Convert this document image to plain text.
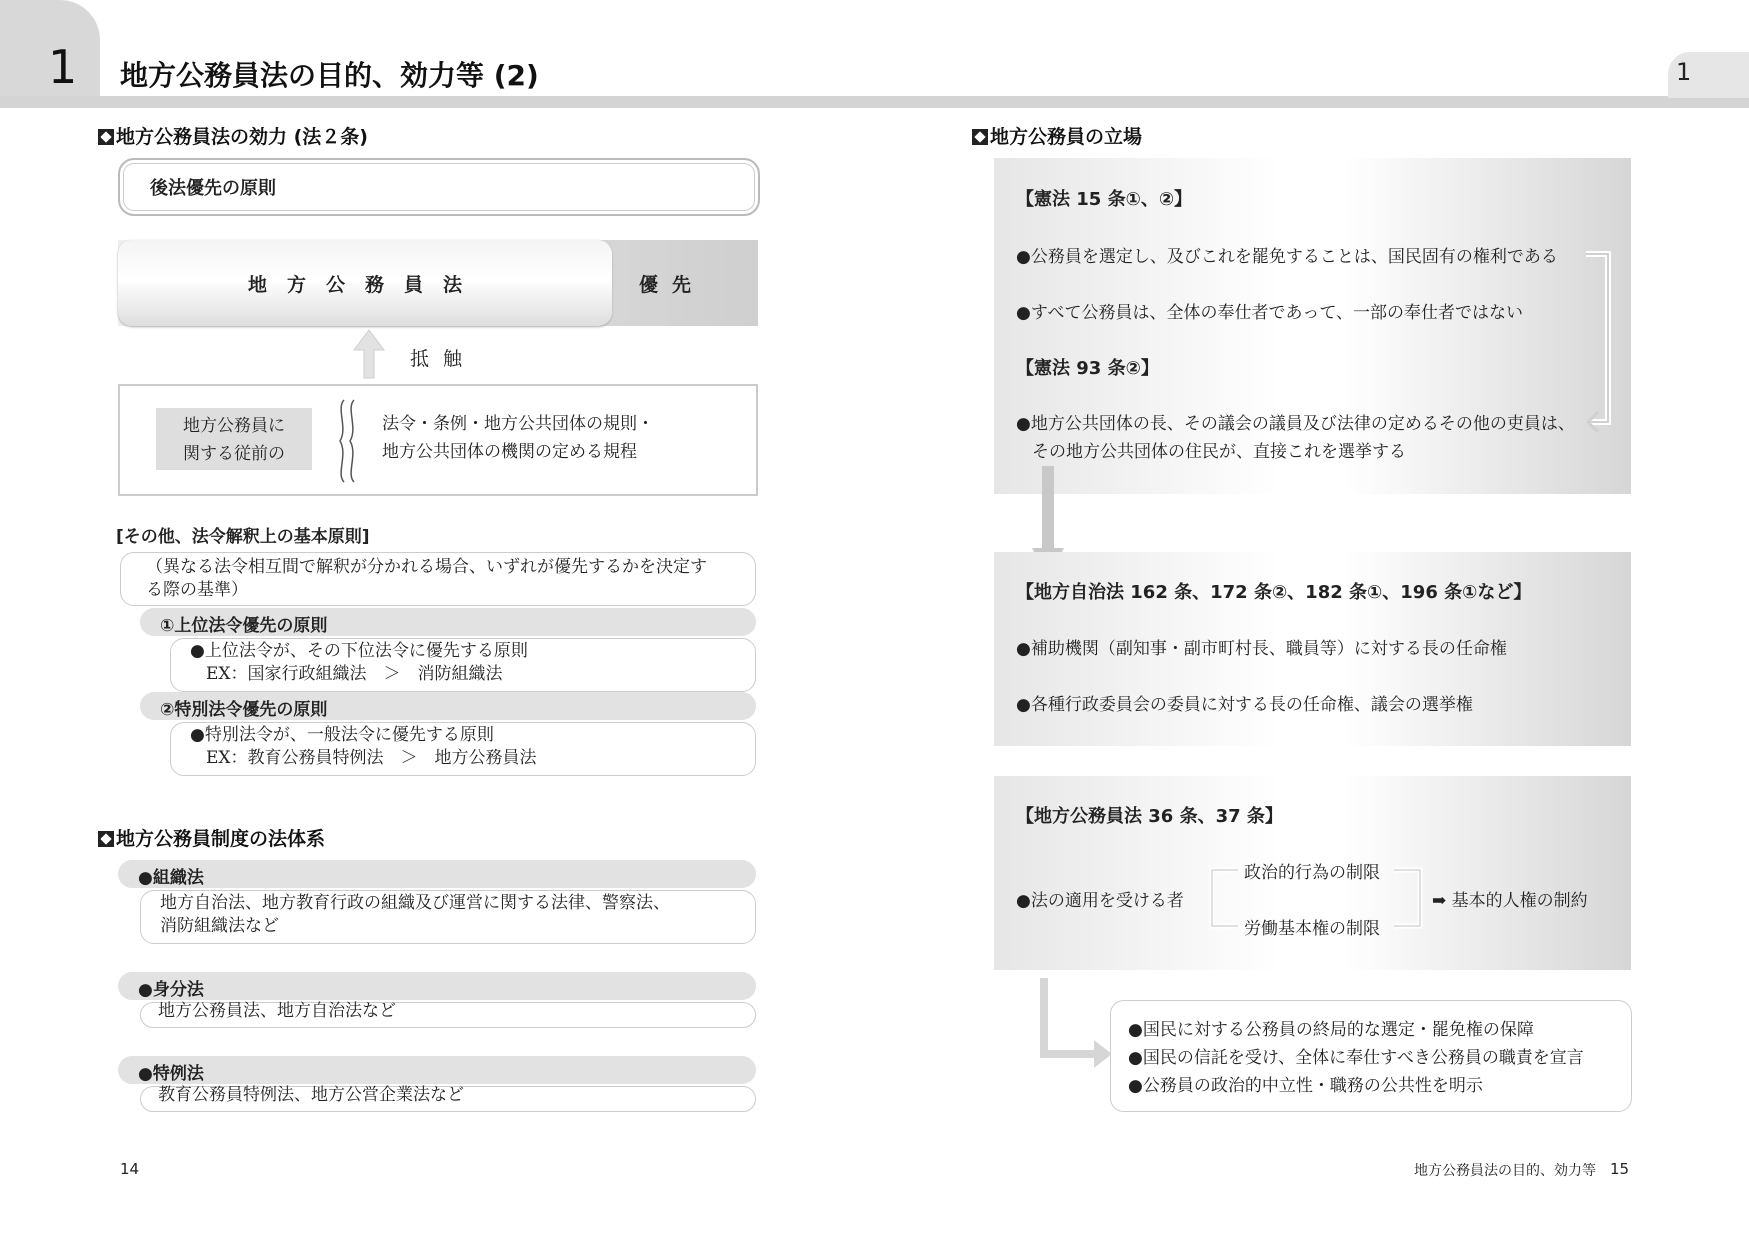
1 地方公務員法の目的、効力等 (2)	1
地方公務員法の効力 (法２条)
後法優先の原則
地方公務員法	優先
抵触
地方公務員に
関する従前の
法令・条例・地方公共団体の規則・
地方公共団体の機関の定める規程
[その他、法令解釈上の基本原則]
（異なる法令相互間で解釈が分かれる場合、いずれが優先するかを決定す
る際の基準）
①上位法令優先の原則
●上位法令が、その下位法令に優先する原則
EX：国家行政組織法　＞　消防組織法
②特別法令優先の原則
●特別法令が、一般法令に優先する原則
EX：教育公務員特例法　＞　地方公務員法
地方公務員制度の法体系
●組織法
地方自治法、地方教育行政の組織及び運営に関する法律、警察法、
消防組織法など
●身分法
地方公務員法、地方自治法など
●特例法
教育公務員特例法、地方公営企業法など
14
地方公務員の立場
【憲法 15 条①、②】
●公務員を選定し、及びこれを罷免することは、国民固有の権利である
●すべて公務員は、全体の奉仕者であって、一部の奉仕者ではない
【憲法 93 条②】
●地方公共団体の長、その議会の議員及び法律の定めるその他の吏員は、
その地方公共団体の住民が、直接これを選挙する
【地方自治法 162 条、172 条②、182 条①、196 条①など】
●補助機関（副知事・副市町村長、職員等）に対する長の任命権
●各種行政委員会の委員に対する長の任命権、議会の選挙権
【地方公務員法 36 条、37 条】
●法の適用を受ける者
政治的行為の制限
労働基本権の制限
➡ 基本的人権の制約
●国民に対する公務員の終局的な選定・罷免権の保障
●国民の信託を受け、全体に奉仕すべき公務員の職責を宣言
●公務員の政治的中立性・職務の公共性を明示
地方公務員法の目的、効力等 15
